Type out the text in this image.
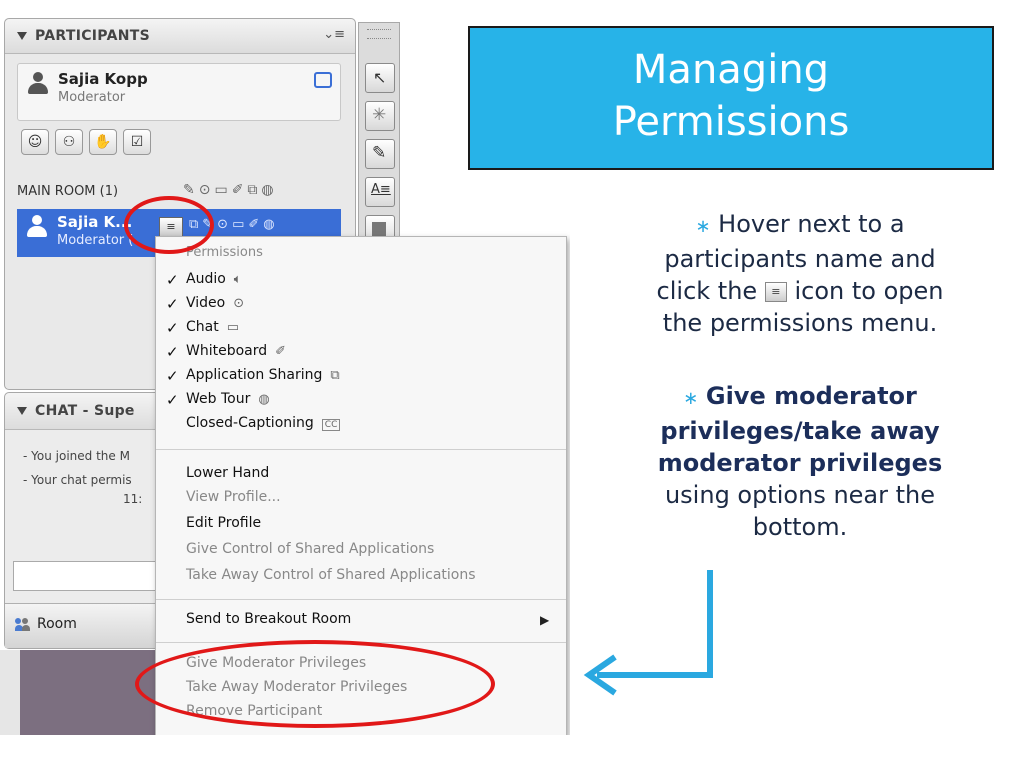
PARTICIPANTS	⌄≡
Sajia Kopp
Moderator
☺	⚇	✋	☑
MAIN ROOM (1)	✎⊙▭✐⧉◍
Sajia K...
Moderator (
≡	⧉✎⊙▭✐◍
↖
✳
✎
A≡
CHAT - Supe
- You joined the M
- Your chat permis
11:
Room
Permissions
✓ Audio 🔈︎
✓ Video ⊙
✓ Chat ▭
✓ Whiteboard ✐
✓ Application Sharing ⧉
✓ Web Tour ◍
Closed-Captioning CC
Lower Hand
View Profile...
Edit Profile
Give Control of Shared Applications
Take Away Control of Shared Applications
Send to Breakout Room	▶
Give Moderator Privileges
Take Away Moderator Privileges
Remove Participant
Managing
Permissions
∗ Hover next to a
participants name and
click the ≡ icon to open
the permissions menu.
∗ Give moderator
privileges/take away
moderator privileges
using options near the
bottom.
